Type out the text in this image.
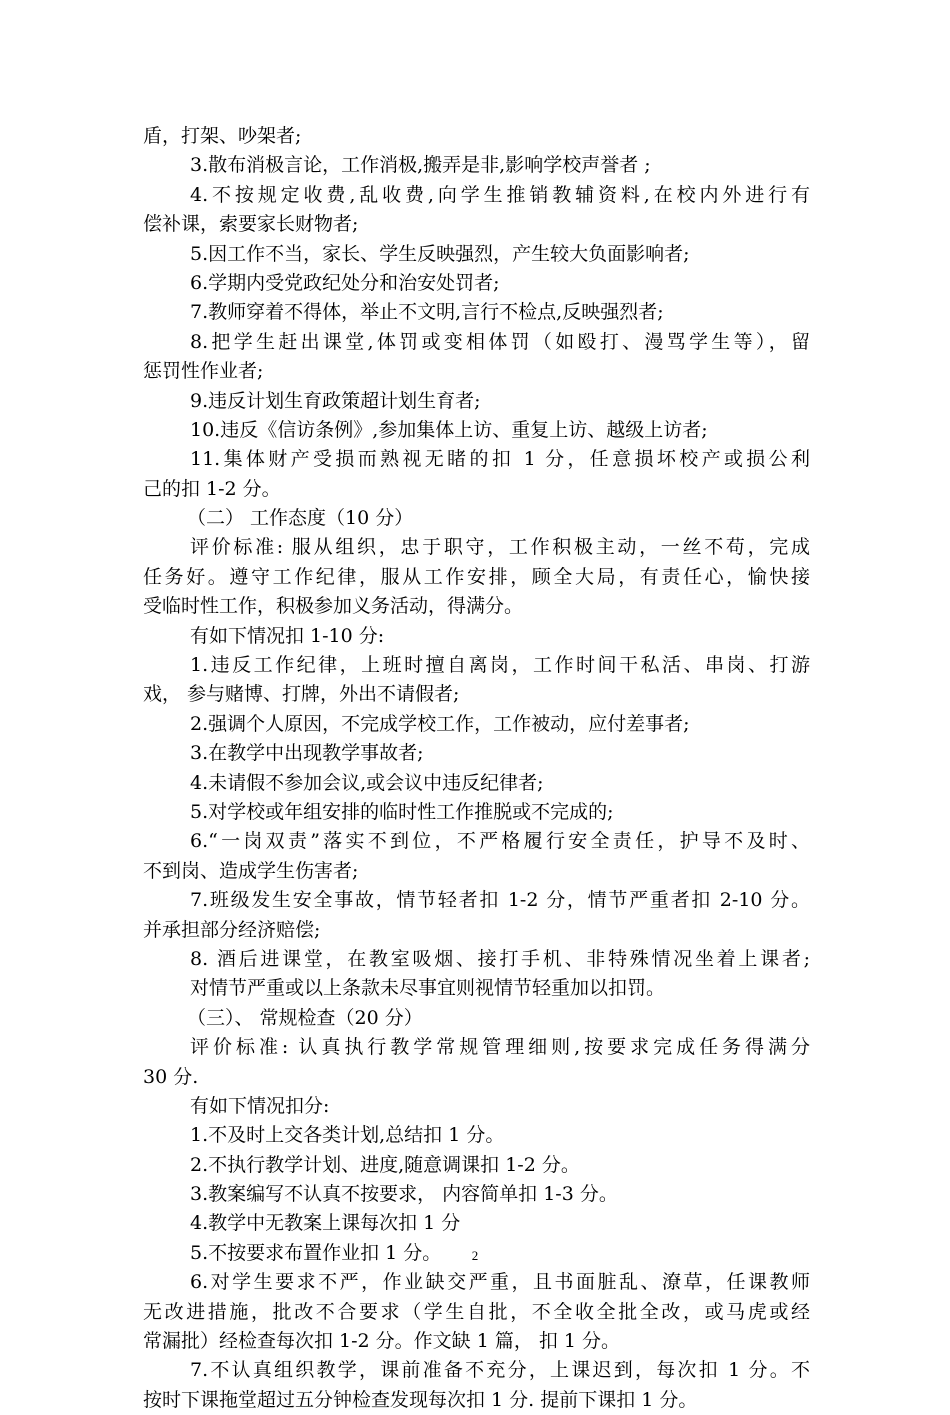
盾，打架、吵架者;
3.散布消极言论，工作消极,搬弄是非,影响学校声誉者 ;
4.不按规定收费,乱收费,向学生推销教辅资料,在校内外进行有
偿补课，索要家长财物者;
5.因工作不当，家长、学生反映强烈，产生较大负面影响者;
6.学期内受党政纪处分和治安处罚者;
7.教师穿着不得体，举止不文明,言行不检点,反映强烈者;
8.把学生赶出课堂,体罚或变相体罚（如殴打、漫骂学生等），留
惩罚性作业者;
9.违反计划生育政策超计划生育者;
10.违反《信访条例》,参加集体上访、重复上访、越级上访者;
11.集体财产受损而熟视无睹的扣 1 分，任意损坏校产或损公利
己的扣 1-2 分。
（二） 工作态度（10 分）
评价标准: 服从组织，忠于职守，工作积极主动，一丝不苟，完成
任务好。遵守工作纪律，服从工作安排，顾全大局，有责任心，愉快接
受临时性工作，积极参加义务活动，得满分。
有如下情况扣 1-10 分:
1.违反工作纪律，上班时擅自离岗，工作时间干私活、串岗、打游
戏， 参与赌博、打牌，外出不请假者;
2.强调个人原因，不完成学校工作，工作被动，应付差事者;
3.在教学中出现教学事故者;
4.未请假不参加会议,或会议中违反纪律者;
5.对学校或年组安排的临时性工作推脱或不完成的;
6.“一岗双责”落实不到位，不严格履行安全责任，护导不及时、
不到岗、造成学生伤害者;
7.班级发生安全事故，情节轻者扣 1-2 分，情节严重者扣 2-10 分。
并承担部分经济赔偿;
8. 酒后进课堂，在教室吸烟、接打手机、非特殊情况坐着上课者;
对情节严重或以上条款未尽事宜则视情节轻重加以扣罚。
（三）、 常规检查（20 分）
评价标准: 认真执行教学常规管理细则,按要求完成任务得满分
30 分.
有如下情况扣分:
1.不及时上交各类计划,总结扣 1 分。
2.不执行教学计划、进度,随意调课扣 1-2 分。
3.教案编写不认真不按要求， 内容简单扣 1-3 分。
4.教学中无教案上课每次扣 1 分
5.不按要求布置作业扣 1 分。
6.对学生要求不严，作业缺交严重，且书面脏乱、潦草，任课教师
无改进措施，批改不合要求（学生自批，不全收全批全改，或马虎或经
常漏批）经检查每次扣 1-2 分。作文缺 1 篇， 扣 1 分。
7.不认真组织教学，课前准备不充分，上课迟到，每次扣 1 分。不
按时下课拖堂超过五分钟检查发现每次扣 1 分. 提前下课扣 1 分。
2
